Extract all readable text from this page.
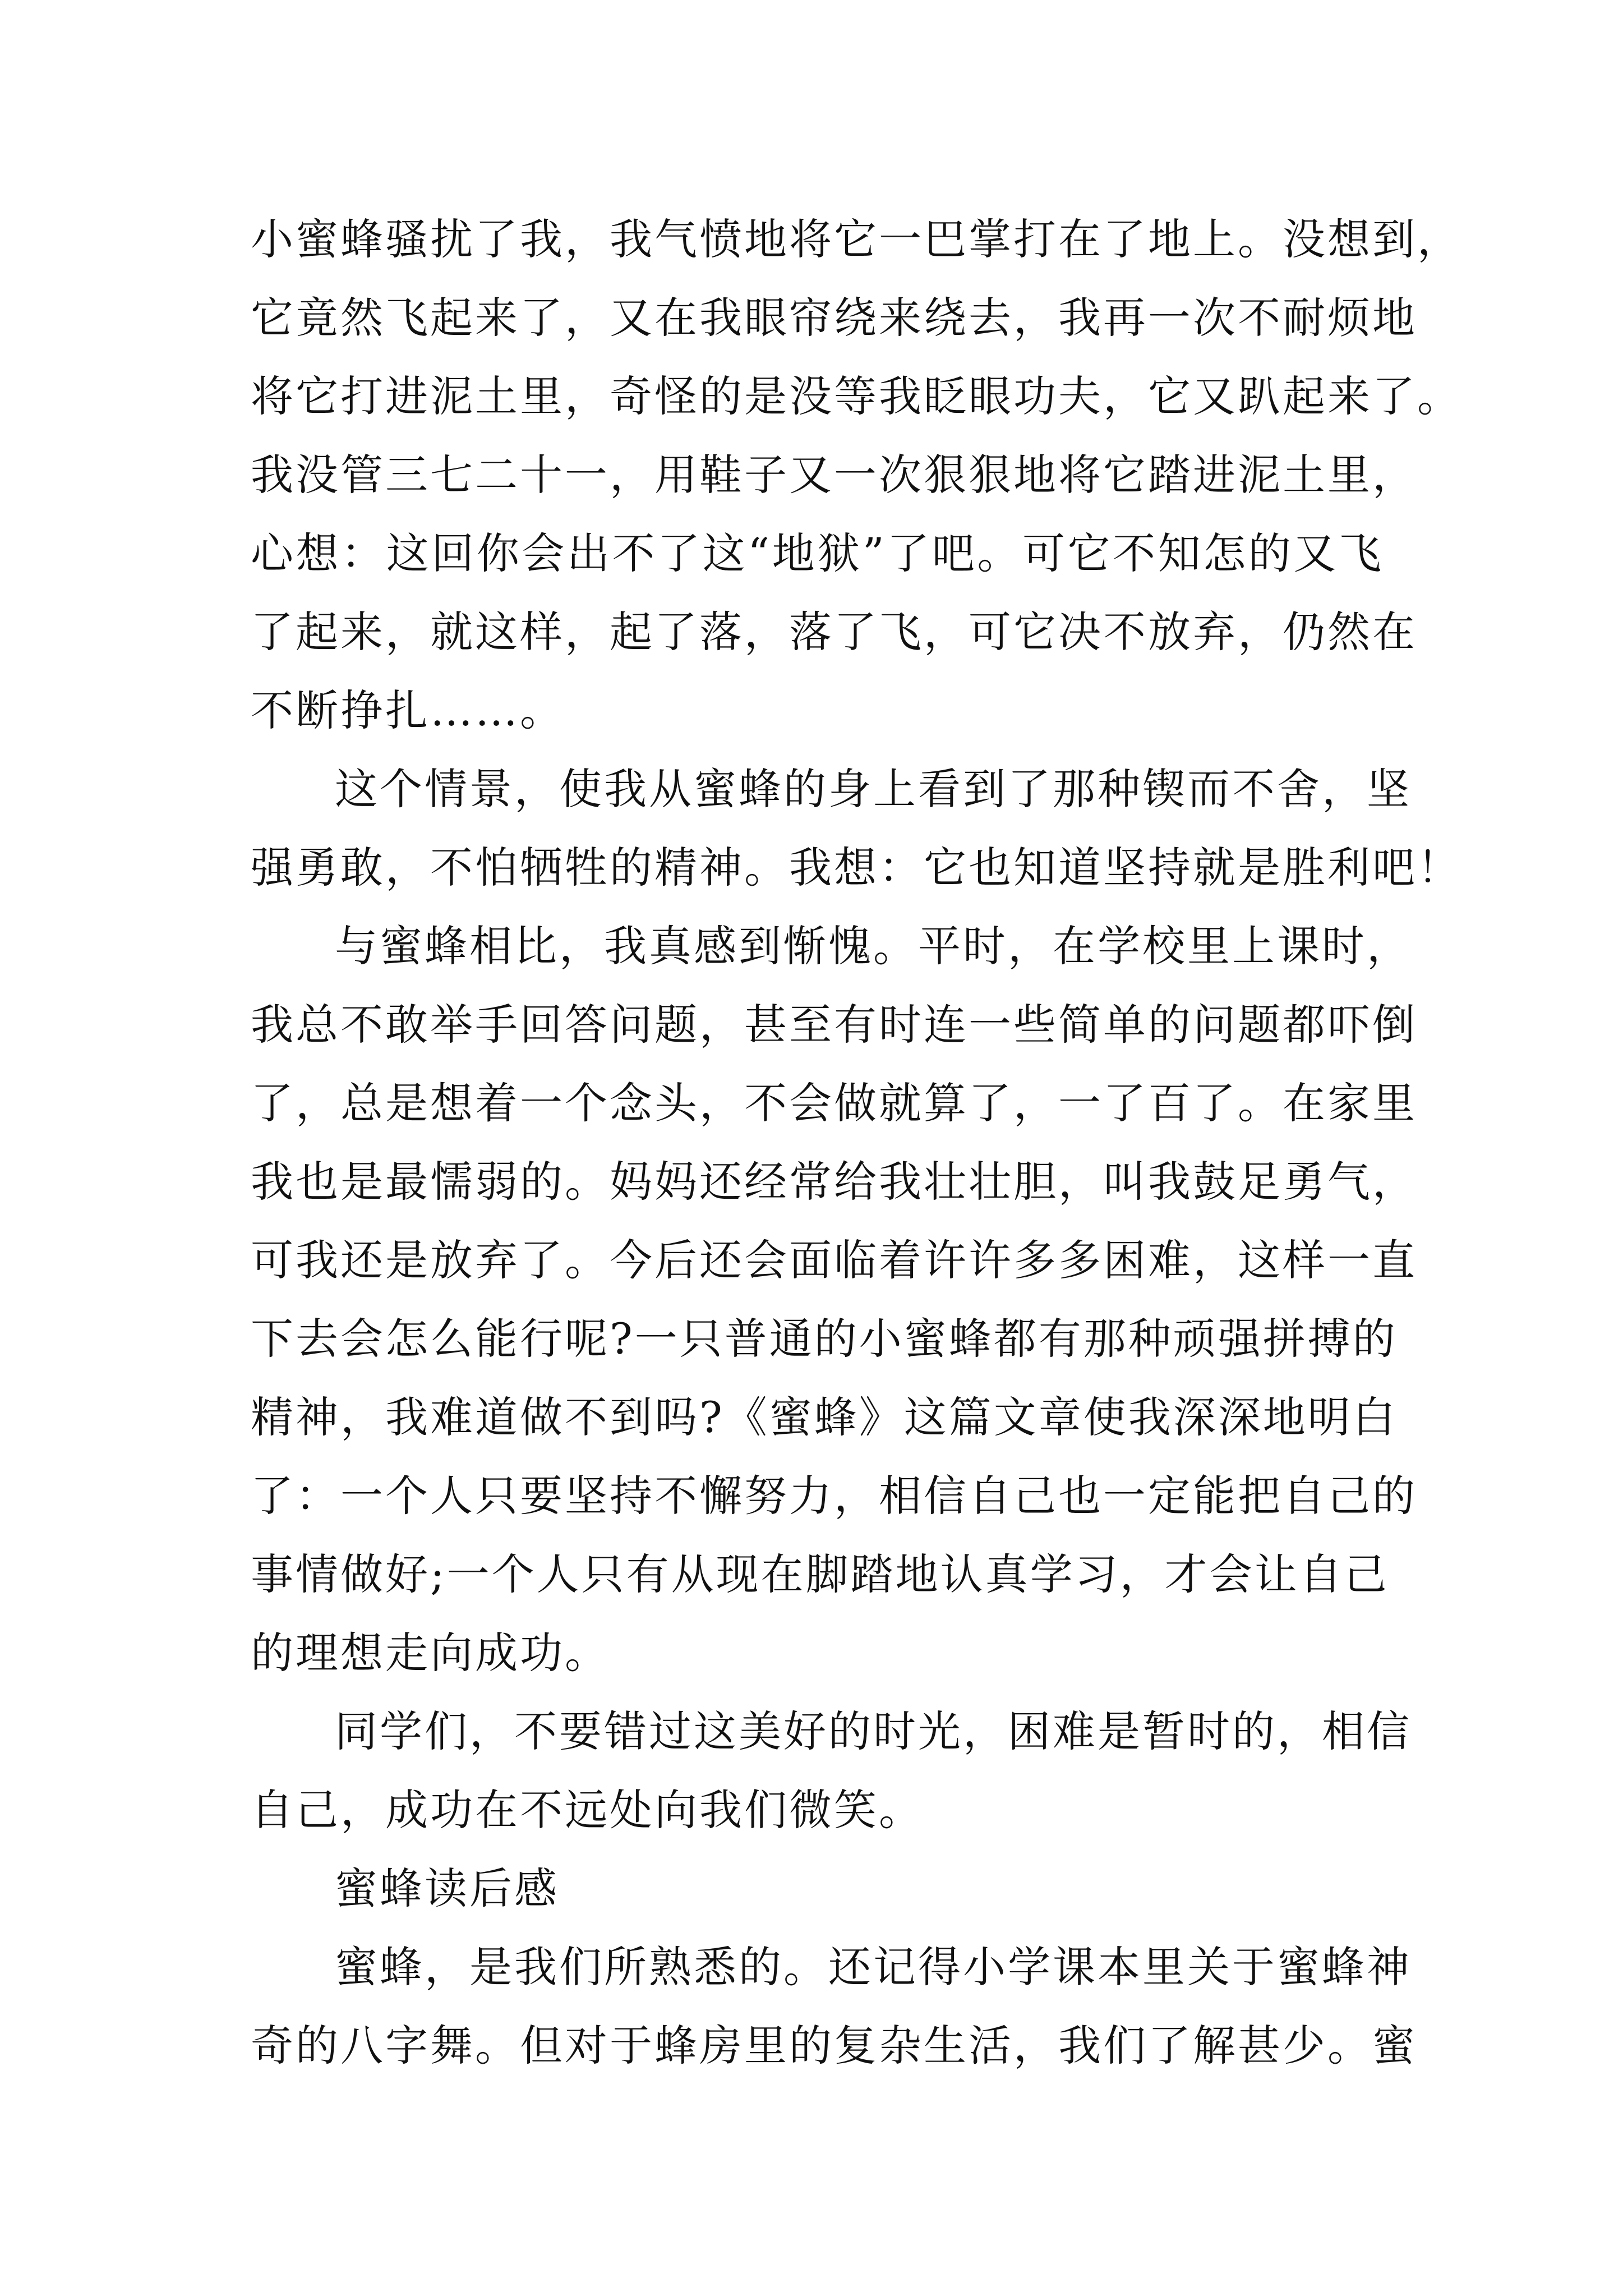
小蜜蜂骚扰了我，我气愤地将它一巴掌打在了地上。没想到，
它竟然飞起来了，又在我眼帘绕来绕去，我再一次不耐烦地
将它打进泥土里，奇怪的是没等我眨眼功夫，它又趴起来了。
我没管三七二十一，用鞋子又一次狠狠地将它踏进泥土里，
心想：这回你会出不了这“地狱”了吧。可它不知怎的又飞
了起来，就这样，起了落，落了飞，可它决不放弃，仍然在
不断挣扎……。
这个情景，使我从蜜蜂的身上看到了那种锲而不舍，坚
强勇敢，不怕牺牲的精神。我想：它也知道坚持就是胜利吧！
与蜜蜂相比，我真感到惭愧。平时，在学校里上课时，
我总不敢举手回答问题，甚至有时连一些简单的问题都吓倒
了，总是想着一个念头，不会做就算了，一了百了。在家里
我也是最懦弱的。妈妈还经常给我壮壮胆，叫我鼓足勇气，
可我还是放弃了。今后还会面临着许许多多困难，这样一直
下去会怎么能行呢?一只普通的小蜜蜂都有那种顽强拼搏的
精神，我难道做不到吗?《蜜蜂》这篇文章使我深深地明白
了：一个人只要坚持不懈努力，相信自己也一定能把自己的
事情做好;一个人只有从现在脚踏地认真学习，才会让自己
的理想走向成功。
同学们，不要错过这美好的时光，困难是暂时的，相信
自己，成功在不远处向我们微笑。
蜜蜂读后感
蜜蜂，是我们所熟悉的。还记得小学课本里关于蜜蜂神
奇的八字舞。但对于蜂房里的复杂生活，我们了解甚少。蜜
